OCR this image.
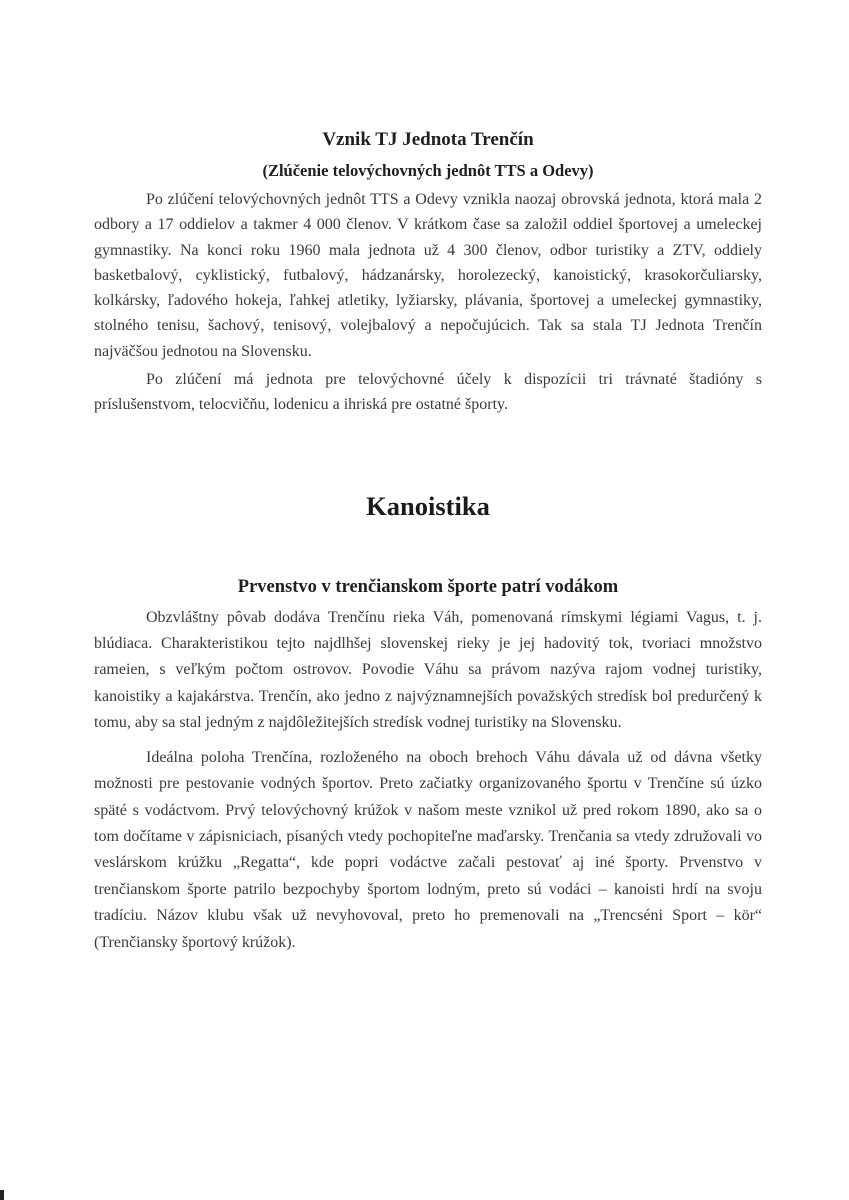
Vznik TJ Jednota Trenčín
(Zlúčenie telovýchovných jednôt TTS a Odevy)

Po zlúčení telovýchovných jednôt TTS a Odevy vznikla naozaj obrovská jednota, ktorá mala 2 odbory a 17 oddielov a takmer 4 000 členov. V krátkom čase sa založil oddiel športovej a umeleckej gymnastiky. Na konci roku 1960 mala jednota už 4 300 členov, odbor turistiky a ZTV, oddiely basketbalový, cyklistický, futbalový, hádzanársky, horolezecký, kanoistický, krasokorčuliarsky, kolkársky, ľadového hokeja, ľahkej atletiky, lyžiarsky, plávania, športovej a umeleckej gymnastiky, stolného tenisu, šachový, tenisový, volejbalový a nepočujúcich. Tak sa stala TJ Jednota Trenčín najväčšou jednotou na Slovensku.

Po zlúčení má jednota pre telovýchovné účely k dispozícii tri trávnaté štadióny s príslušenstvom, telocvičňu, lodenicu a ihriská pre ostatné športy.

Kanoistika
Prvenstvo v trenčianskom športe patrí vodákom

Obzvláštny pôvab dodáva Trenčínu rieka Váh, pomenovaná rímskymi légiami Vagus, t. j. blúdiaca. Charakteristikou tejto najdlhšej slovenskej rieky je jej hadovitý tok, tvoriaci množstvo rameien, s veľkým počtom ostrovov. Povodie Váhu sa právom nazýva rajom vodnej turistiky, kanoistiky a kajakárstva. Trenčín, ako jedno z najvýznamnejších považských stredísk bol predurčený k tomu, aby sa stal jedným z najdôležitejších stredísk vodnej turistiky na Slovensku.

Ideálna poloha Trenčína, rozloženého na oboch brehoch Váhu dávala už od dávna všetky možnosti pre pestovanie vodných športov. Preto začiatky organizovaného športu v Trenčíne sú úzko späté s vodáctvom. Prvý telovýchovný krúžok v našom meste vznikol už pred rokom 1890, ako sa o tom dočítame v zápisniciach, písaných vtedy pochopiteľne maďarsky. Trenčania sa vtedy združovali vo veslárskom krúžku „Regatta“, kde popri vodáctve začali pestovať aj iné športy. Prvenstvo v trenčianskom športe patrilo bezpochyby športom lodným, preto sú vodáci – kanoisti hrdí na svoju tradíciu. Názov klubu však už nevyhovoval, preto ho premenovali na „Trencséni Sport – kör“ (Trenčiansky športový krúžok).
